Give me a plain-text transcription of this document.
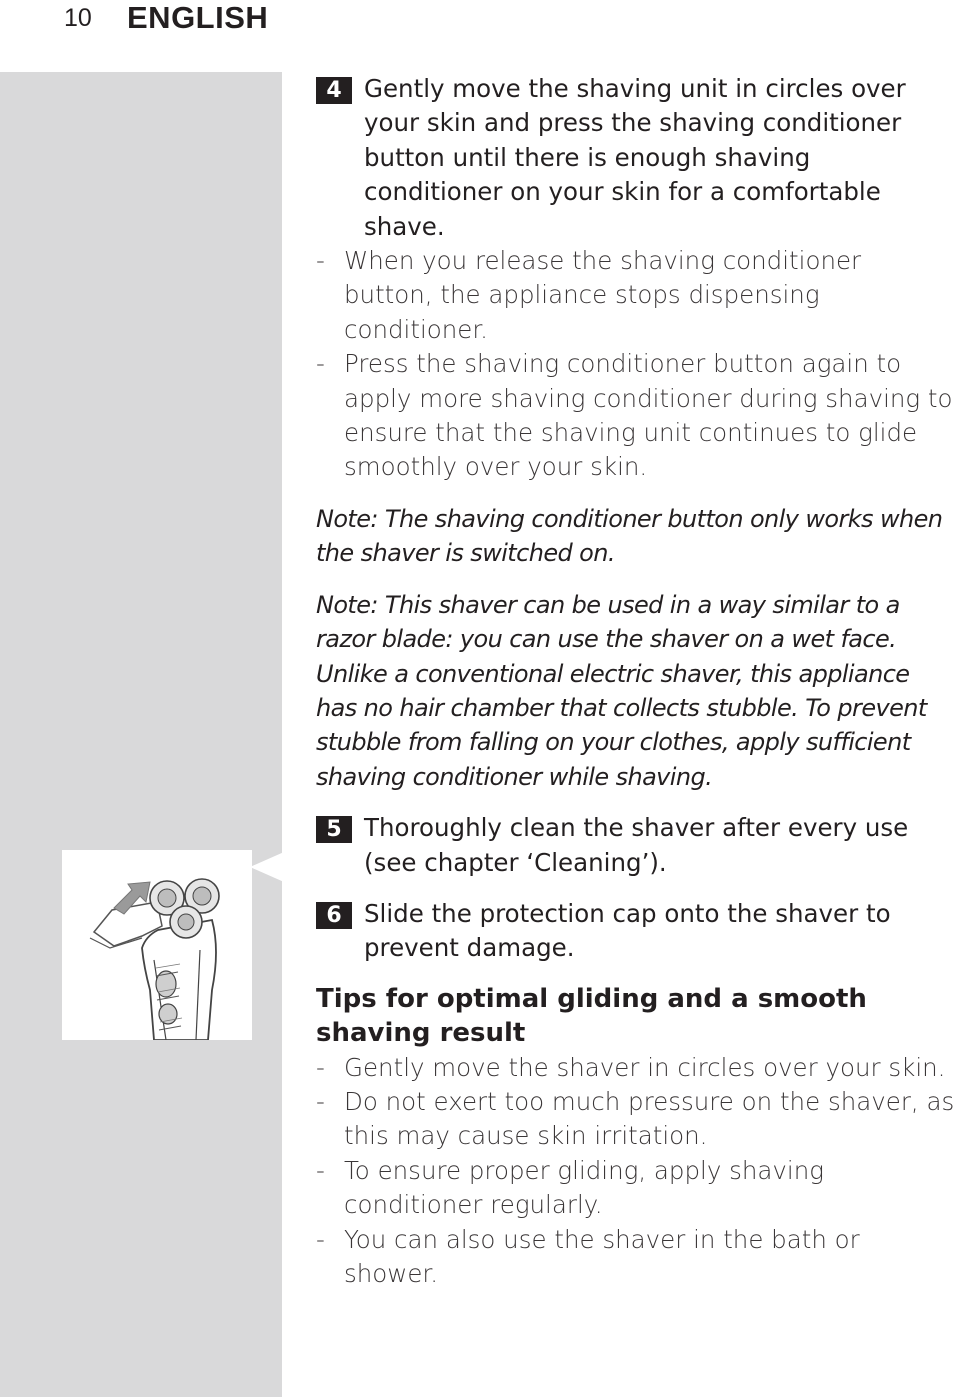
10 ENGLISH
4 Gently move the shaving unit in circles over your skin and press the shaving conditioner button until there is enough shaving conditioner on your skin for a comfortable shave.
- When you release the shaving conditioner button, the appliance stops dispensing conditioner.
- Press the shaving conditioner button again to apply more shaving conditioner during shaving to ensure that the shaving unit continues to glide smoothly over your skin.
Note: The shaving conditioner button only works when the shaver is switched on.
Note: This shaver can be used in a way similar to a razor blade: you can use the shaver on a wet face. Unlike a conventional electric shaver, this appliance has no hair chamber that collects stubble. To prevent stubble from falling on your clothes, apply sufficient shaving conditioner while shaving.
5 Thoroughly clean the shaver after every use (see chapter ‘Cleaning’).
6 Slide the protection cap onto the shaver to prevent damage.
Tips for optimal gliding and a smooth shaving result
- Gently move the shaver in circles over your skin.
- Do not exert too much pressure on the shaver, as this may cause skin irritation.
- To ensure proper gliding, apply shaving conditioner regularly.
- You can also use the shaver in the bath or shower.
